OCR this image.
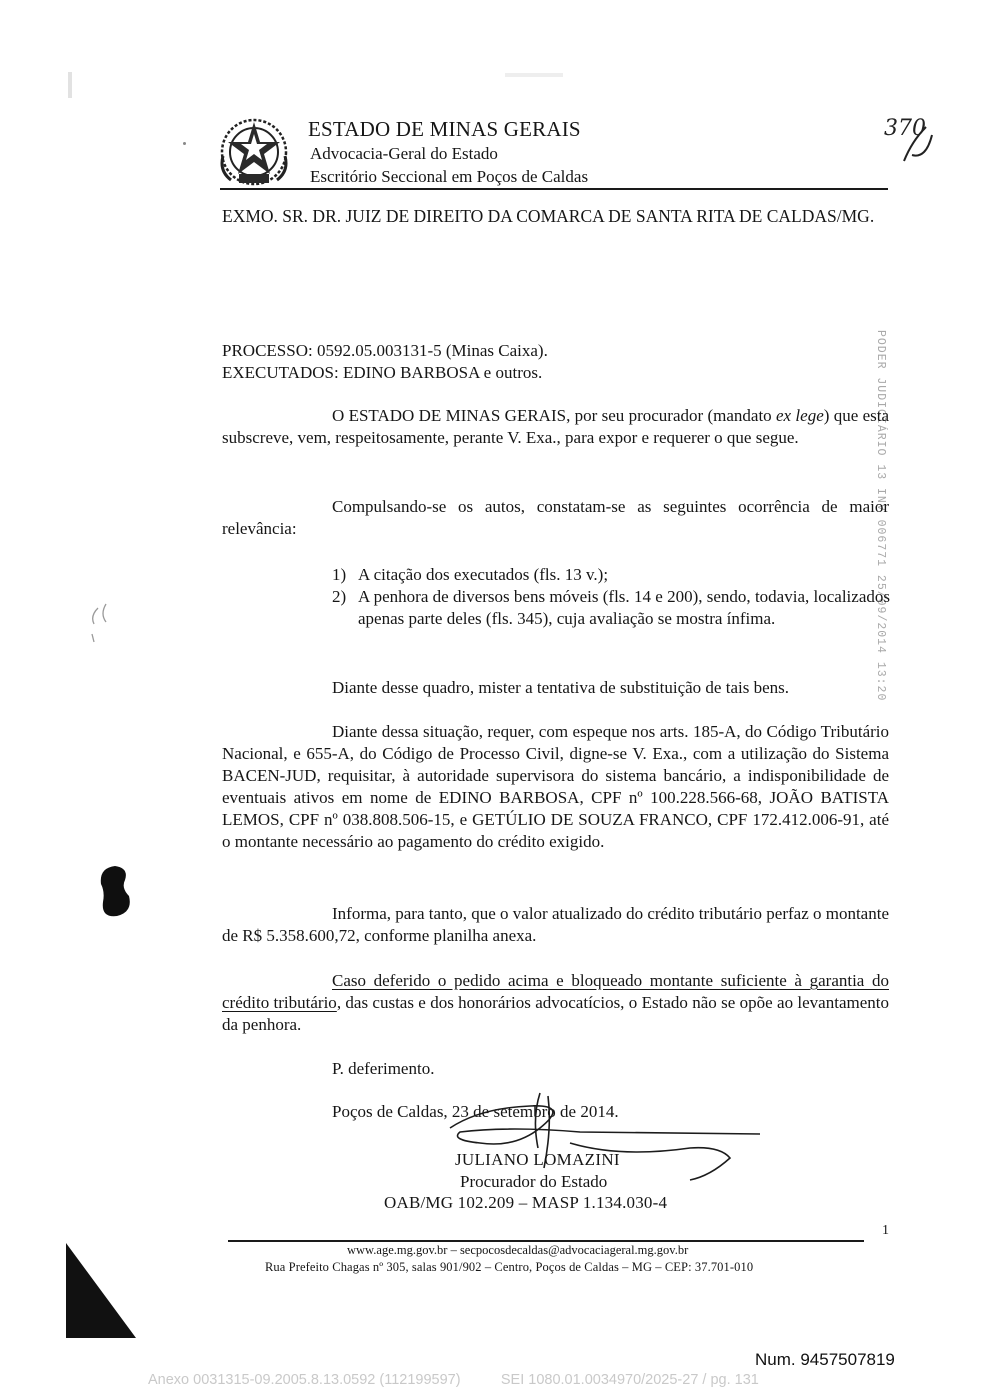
ESTADO DE MINAS GERAIS
Advocacia-Geral do Estado
Escritório Seccional em Poços de Caldas
370
EXMO. SR. DR. JUIZ DE DIREITO DA COMARCA DE SANTA RITA DE CALDAS/MG.
PROCESSO: 0592.05.003131-5 (Minas Caixa).
EXECUTADOS: EDINO BARBOSA e outros.	PODER JUDICIÁRIO 13 INV 006771 25/09/2014 13:20
O ESTADO DE MINAS GERAIS, por seu procurador (mandato ex lege) que esta subscreve, vem, respeitosamente, perante V. Exa., para expor e requerer o que segue.
Compulsando-se os autos, constatam-se as seguintes ocorrência de maior relevância:
1) A citação dos executados (fls. 13 v.);
2) A penhora de diversos bens móveis (fls. 14 e 200), sendo, todavia, localizados apenas parte deles (fls. 345), cuja avaliação se mostra ínfima.
Diante desse quadro, mister a tentativa de substituição de tais bens.
Diante dessa situação, requer, com espeque nos arts. 185-A, do Código Tributário Nacional, e 655-A, do Código de Processo Civil, digne-se V. Exa., com a utilização do Sistema BACEN-JUD, requisitar, à autoridade supervisora do sistema bancário, a indisponibilidade de eventuais ativos em nome de EDINO BARBOSA, CPF nº 100.228.566-68, JOÃO BATISTA LEMOS, CPF nº 038.808.506-15, e GETÚLIO DE SOUZA FRANCO, CPF 172.412.006-91, até o montante necessário ao pagamento do crédito exigido.
Informa, para tanto, que o valor atualizado do crédito tributário perfaz o montante de R$ 5.358.600,72, conforme planilha anexa.
Caso deferido o pedido acima e bloqueado montante suficiente à garantia do crédito tributário, das custas e dos honorários advocatícios, o Estado não se opõe ao levantamento da penhora.
P. deferimento.
Poços de Caldas, 23 de setembro de 2014.
JULIANO LOMAZINI
Procurador do Estado
OAB/MG 102.209 – MASP 1.134.030-4
1
www.age.mg.gov.br – secpocosdecaldas@advocaciageral.mg.gov.br
Rua Prefeito Chagas nº 305, salas 901/902 – Centro, Poços de Caldas – MG – CEP: 37.701-010
Num. 9457507819
Anexo 0031315-09.2005.8.13.0592 (112199597)	SEI 1080.01.0034970/2025-27 / pg. 131
